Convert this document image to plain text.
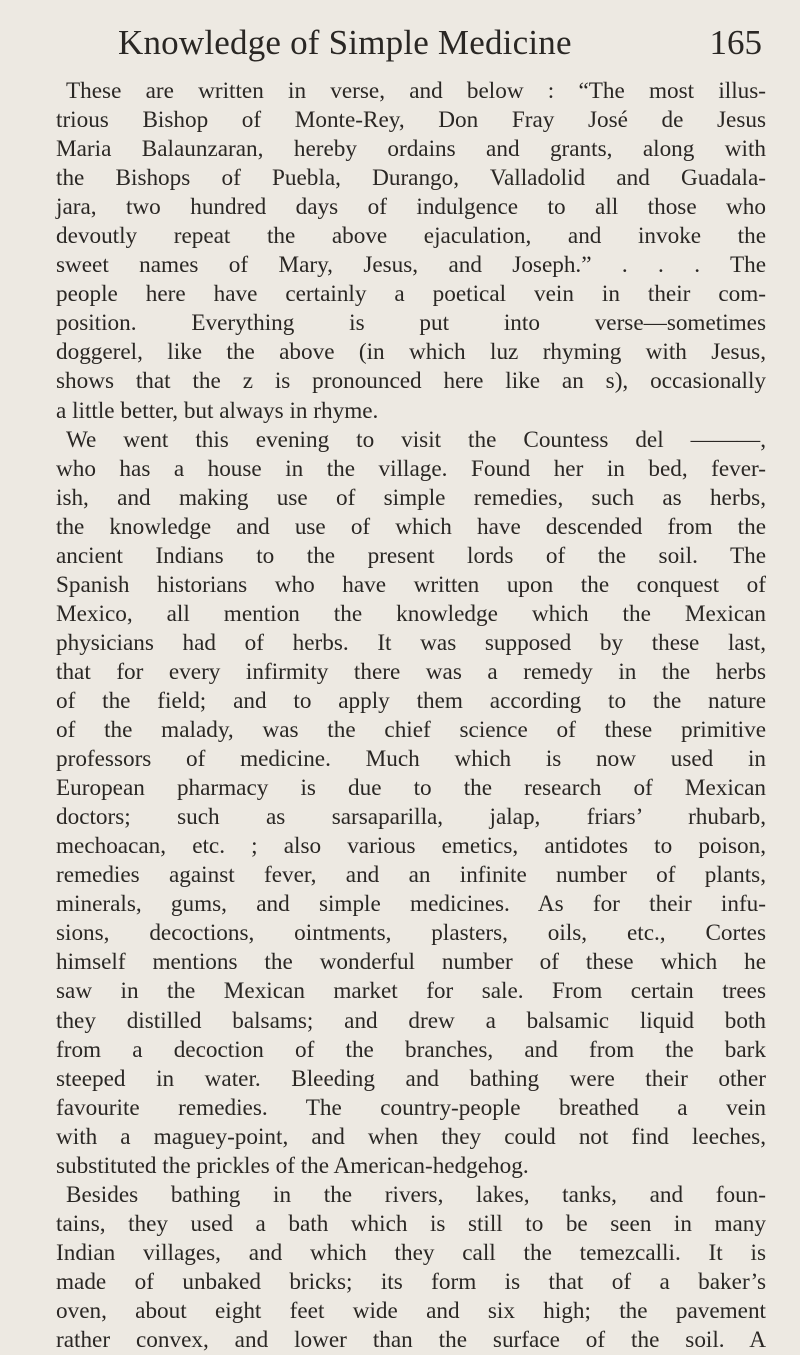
Knowledge of Simple Medicine	165
These are written in verse, and below : “The most illus-
trious Bishop of Monte-Rey, Don Fray José de Jesus
Maria Balaunzaran, hereby ordains and grants, along with
the Bishops of Puebla, Durango, Valladolid and Guadala-
jara, two hundred days of indulgence to all those who
devoutly repeat the above ejaculation, and invoke the
sweet names of Mary, Jesus, and Joseph.” . . . The
people here have certainly a poetical vein in their com-
position. Everything is put into verse—sometimes
doggerel, like the above (in which luz rhyming with Jesus,
shows that the z is pronounced here like an s), occasionally
a little better, but always in rhyme.
We went this evening to visit the Countess del ———,
who has a house in the village. Found her in bed, fever-
ish, and making use of simple remedies, such as herbs,
the knowledge and use of which have descended from the
ancient Indians to the present lords of the soil. The
Spanish historians who have written upon the conquest of
Mexico, all mention the knowledge which the Mexican
physicians had of herbs. It was supposed by these last,
that for every infirmity there was a remedy in the herbs
of the field; and to apply them according to the nature
of the malady, was the chief science of these primitive
professors of medicine. Much which is now used in
European pharmacy is due to the research of Mexican
doctors; such as sarsaparilla, jalap, friars’ rhubarb,
mechoacan, etc. ; also various emetics, antidotes to poison,
remedies against fever, and an infinite number of plants,
minerals, gums, and simple medicines. As for their infu-
sions, decoctions, ointments, plasters, oils, etc., Cortes
himself mentions the wonderful number of these which he
saw in the Mexican market for sale. From certain trees
they distilled balsams; and drew a balsamic liquid both
from a decoction of the branches, and from the bark
steeped in water. Bleeding and bathing were their other
favourite remedies. The country-people breathed a vein
with a maguey-point, and when they could not find leeches,
substituted the prickles of the American-hedgehog.
Besides bathing in the rivers, lakes, tanks, and foun-
tains, they used a bath which is still to be seen in many
Indian villages, and which they call the temezcalli. It is
made of unbaked bricks; its form is that of a baker’s
oven, about eight feet wide and six high; the pavement
rather convex, and lower than the surface of the soil. A
